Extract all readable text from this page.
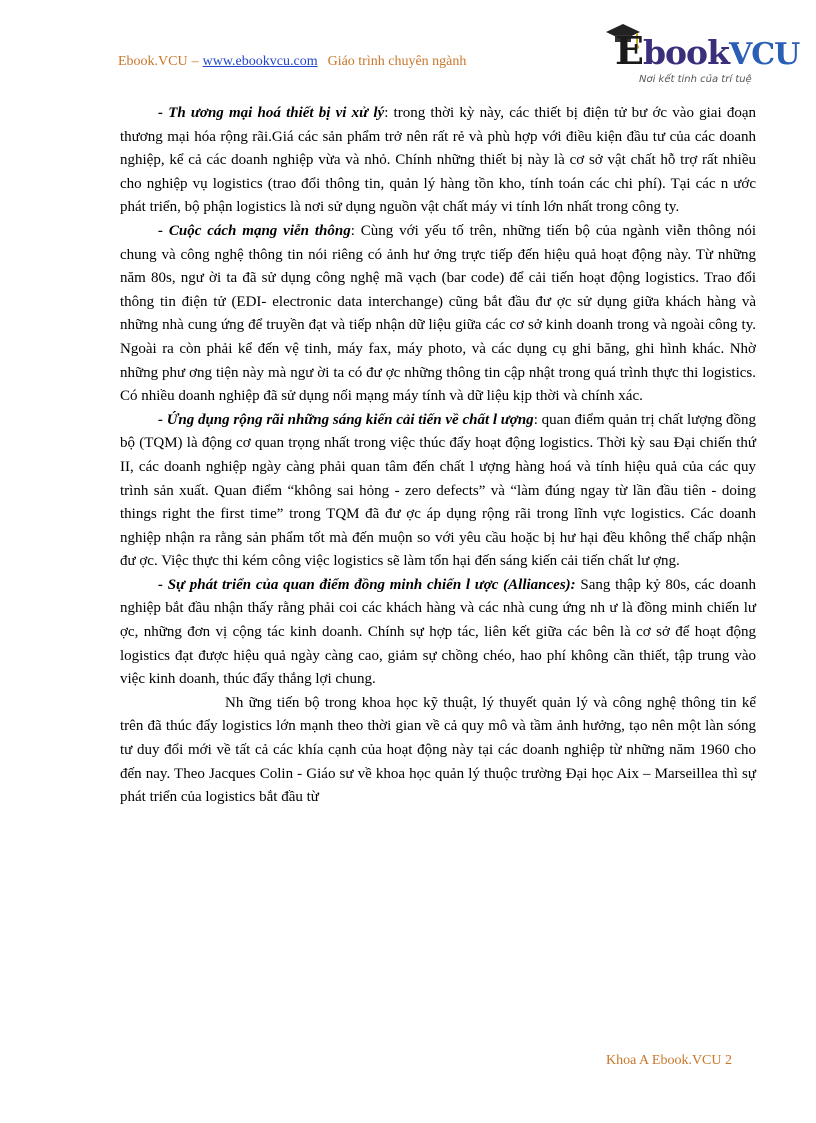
Ebook.VCU – www.ebookvcu.com Giáo trình chuyên ngành	EbookVCU
Nơi kết tinh của trí tuệ

- Th ương mại hoá thiết bị vi xử lý: trong thời kỳ này, các thiết bị điện tử bư ớc vào giai đoạn thương mại hóa rộng rãi.Giá các sản phẩm trở nên rất rẻ và phù hợp với điều kiện đầu tư của các doanh nghiệp, kể cả các doanh nghiệp vừa và nhỏ. Chính những thiết bị này là cơ sở vật chất hỗ trợ rất nhiều cho nghiệp vụ logistics (trao đổi thông tin, quản lý hàng tồn kho, tính toán các chi phí). Tại các n ước phát triển, bộ phận logistics là nơi sử dụng nguồn vật chất máy vi tính lớn nhất trong công ty.

- Cuộc cách mạng viễn thông: Cùng với yếu tố trên, những tiến bộ của ngành viễn thông nói chung và công nghệ thông tin nói riêng có ảnh hư ởng trực tiếp đến hiệu quả hoạt động này. Từ những năm 80s, ngư ời ta đã sử dụng công nghệ mã vạch (bar code) để cải tiến hoạt động logistics. Trao đổi thông tin điện tử (EDI- electronic data interchange) cũng bắt đầu đư ợc sử dụng giữa khách hàng và những nhà cung ứng để truyền đạt và tiếp nhận dữ liệu giữa các cơ sở kinh doanh trong và ngoài công ty. Ngoài ra còn phải kể đến vệ tinh, máy fax, máy photo, và các dụng cụ ghi băng, ghi hình khác. Nhờ những phư ơng tiện này mà ngư ời ta có đư ợc những thông tin cập nhật trong quá trình thực thi logistics. Có nhiều doanh nghiệp đã sử dụng nối mạng máy tính và dữ liệu kịp thời và chính xác.

- Ứng dụng rộng rãi những sáng kiến cải tiến về chất l ượng: quan điểm quản trị chất lượng đồng bộ (TQM) là động cơ quan trọng nhất trong việc thúc đẩy hoạt động logistics. Thời kỳ sau Đại chiến thứ II, các doanh nghiệp ngày càng phải quan tâm đến chất l ượng hàng hoá và tính hiệu quả của các quy trình sản xuất. Quan điểm “không sai hỏng - zero defects” và “làm đúng ngay từ lần đầu tiên - doing things right the first time” trong TQM đã đư ợc áp dụng rộng rãi trong lĩnh vực logistics. Các doanh nghiệp nhận ra rằng sản phẩm tốt mà đến muộn so với yêu cầu hoặc bị hư hại đều không thể chấp nhận đư ợc. Việc thực thi kém công việc logistics sẽ làm tổn hại đến sáng kiến cải tiến chất lư ợng.

- Sự phát triển của quan điểm đồng minh chiến l ược (Alliances): Sang thập kỷ 80s, các doanh nghiệp bắt đầu nhận thấy rằng phải coi các khách hàng và các nhà cung ứng nh ư là đồng minh chiến lư ợc, những đơn vị cộng tác kinh doanh. Chính sự hợp tác, liên kết giữa các bên là cơ sở để hoạt động logistics đạt được hiệu quả ngày càng cao, giảm sự chồng chéo, hao phí không cần thiết, tập trung vào việc kinh doanh, thúc đẩy thắng lợi chung.

Nh ững tiến bộ trong khoa học kỹ thuật, lý thuyết quản lý và công nghệ thông tin kể trên đã thúc đẩy logistics lớn mạnh theo thời gian về cả quy mô và tầm ảnh hưởng, tạo nên một làn sóng tư duy đổi mới về tất cả các khía cạnh của hoạt động này tại các doanh nghiệp từ những năm 1960 cho đến nay. Theo Jacques Colin - Giáo sư về khoa học quản lý thuộc trường Đại học Aix – Marseillea thì sự phát triển của logistics bắt đầu từ

Khoa A Ebook.VCU 2
